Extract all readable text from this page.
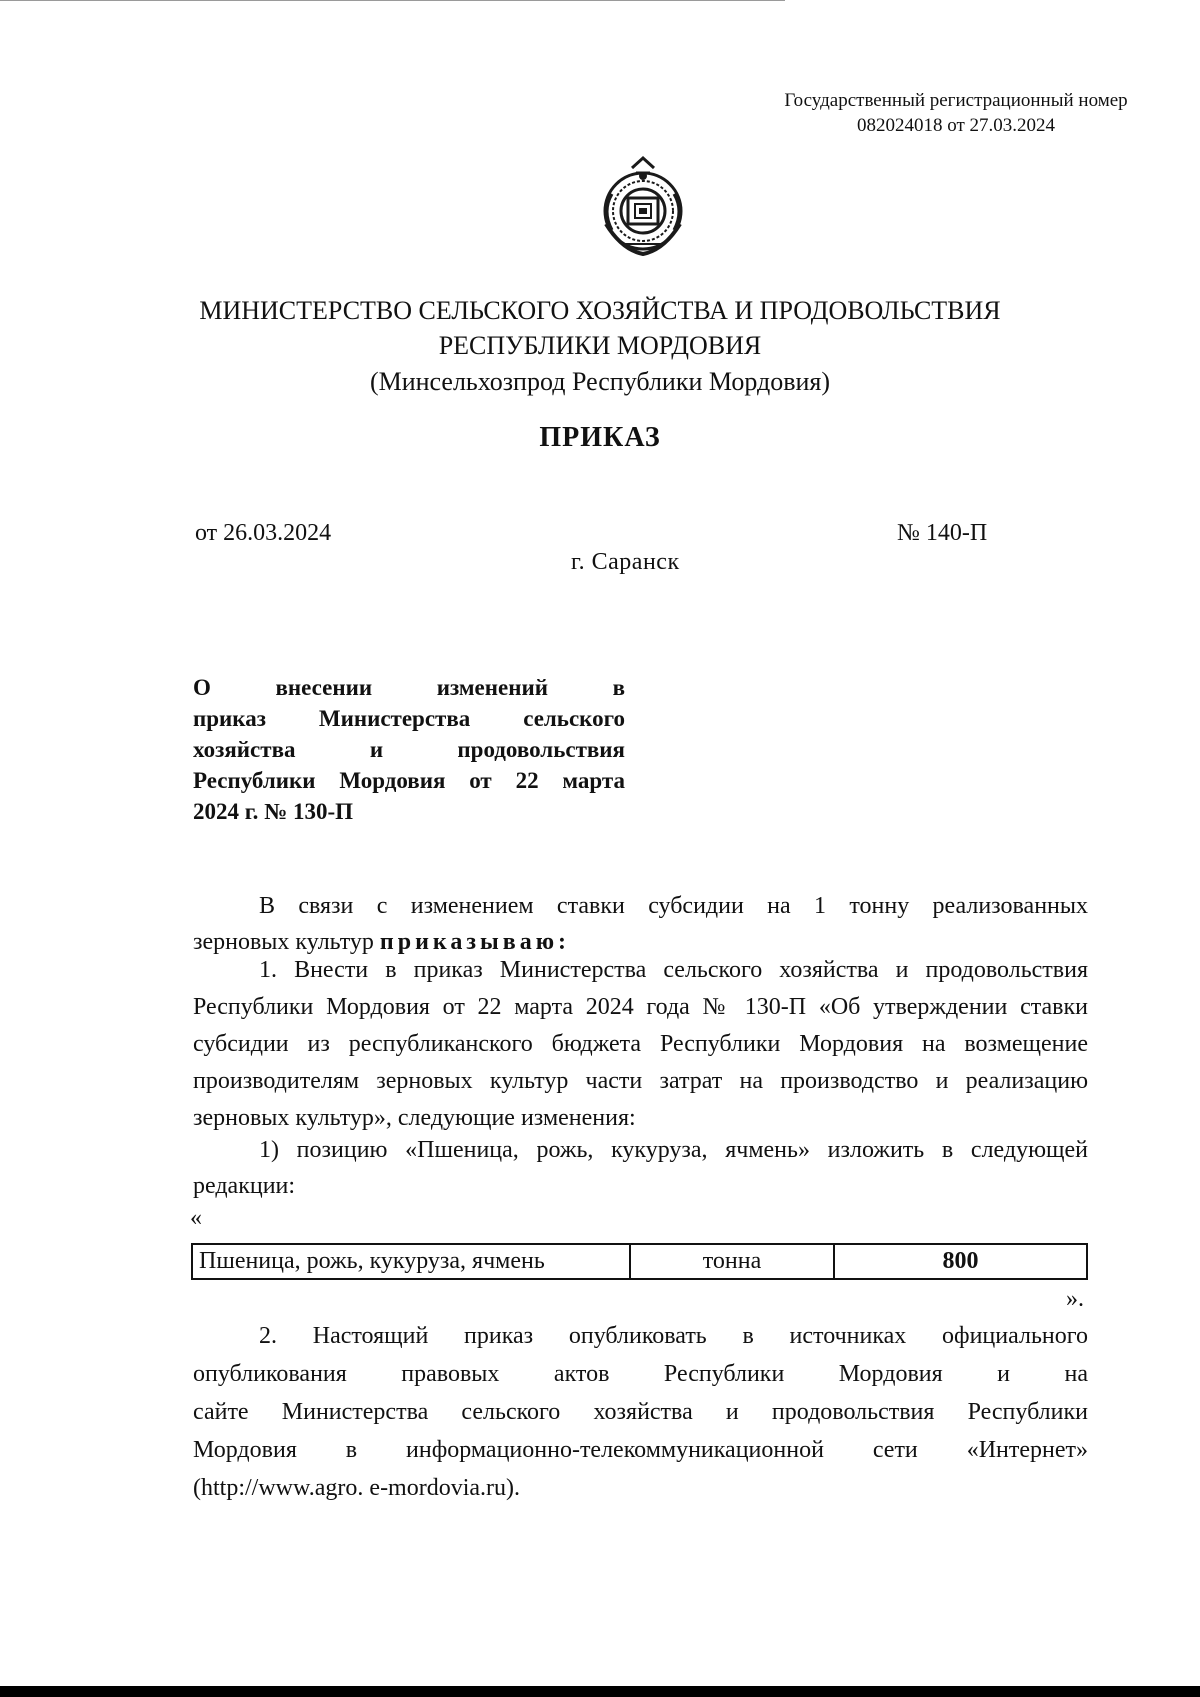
Государственный регистрационный номер
082024018 от 27.03.2024
МИНИСТЕРСТВО СЕЛЬСКОГО ХОЗЯЙСТВА И ПРОДОВОЛЬСТВИЯ
РЕСПУБЛИКИ МОРДОВИЯ
(Минсельхозпрод Республики Мордовия)
ПРИКАЗ
от 26.03.2024	№ 140-П
г. Саранск
О внесении изменений в
приказ Министерства сельского
хозяйства и продовольствия
Республики Мордовия от 22 марта
2024 г. № 130-П
В связи с изменением ставки субсидии на 1 тонну реализованных
зерновых культур приказываю:
1. Внести в приказ Министерства сельского хозяйства и продовольствия
Республики Мордовия от 22 марта 2024 года № 130-П «Об утверждении ставки
субсидии из республиканского бюджета Республики Мордовия на возмещение
производителям зерновых культур части затрат на производство и реализацию
зерновых культур», следующие изменения:
1) позицию «Пшеница, рожь, кукуруза, ячмень» изложить в следующей
редакции:
«
Пшеница, рожь, кукуруза, ячмень	тонна	800
».
2. Настоящий приказ опубликовать в источниках официального
опубликования правовых актов Республики Мордовия и на
сайте Министерства сельского хозяйства и продовольствия Республики
Мордовия в информационно-телекоммуникационной сети «Интернет»
(http://www.agro. e-mordovia.ru).
